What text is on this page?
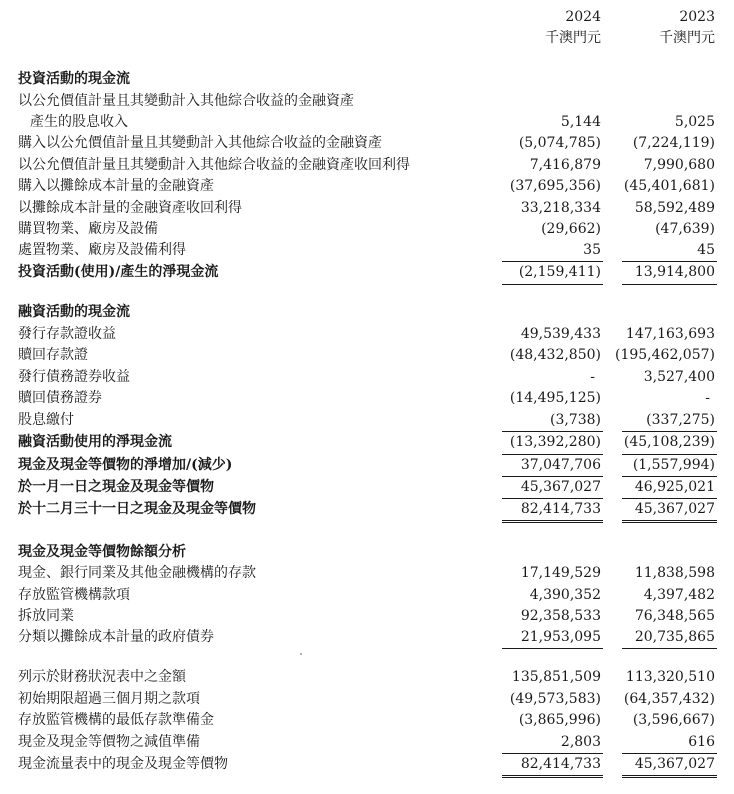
2024	2023
千澳門元	千澳門元
投資活動的現金流
以公允價值計量且其變動計入其他綜合收益的金融資產
產生的股息收入	5,144	5,025
購入以公允價值計量且其變動計入其他綜合收益的金融資產	(5,074,785) (7,224,119)
以公允價值計量且其變動計入其他綜合收益的金融資產收回利得	7,416,879	7,990,680
購入以攤餘成本計量的金融資產	(37,695,356) (45,401,681)
以攤餘成本計量的金融資產收回利得	33,218,334 58,592,489
購買物業、廠房及設備	(29,662)	(47,639)
處置物業、廠房及設備利得	35	45
投資活動(使用)/產生的淨現金流	(2,159,411) 13,914,800
融資活動的現金流
發行存款證收益	49,539,433 147,163,693
贖回存款證	(48,432,850) (195,462,057)
發行債務證券收益	-	3,527,400
贖回債務證券	(14,495,125)	-
股息繳付	(3,738)	(337,275)
融資活動使用的淨現金流	(13,392,280) (45,108,239)
現金及現金等價物的淨增加/(減少)	37,047,706 (1,557,994)
於一月一日之現金及現金等價物	45,367,027 46,925,021
於十二月三十一日之現金及現金等價物	82,414,733 45,367,027
現金及現金等價物餘額分析
現金、銀行同業及其他金融機構的存款	17,149,529 11,838,598
存放監管機構款項	4,390,352	4,397,482
拆放同業	92,358,533 76,348,565
分類以攤餘成本計量的政府債券	21,953,095 20,735,865
列示於財務狀況表中之金額	135,851,509 113,320,510
初始期限超過三個月期之款項	(49,573,583) (64,357,432)
存放監管機構的最低存款準備金	(3,865,996) (3,596,667)
現金及現金等價物之減值準備	2,803	616
現金流量表中的現金及現金等價物	82,414,733 45,367,027
